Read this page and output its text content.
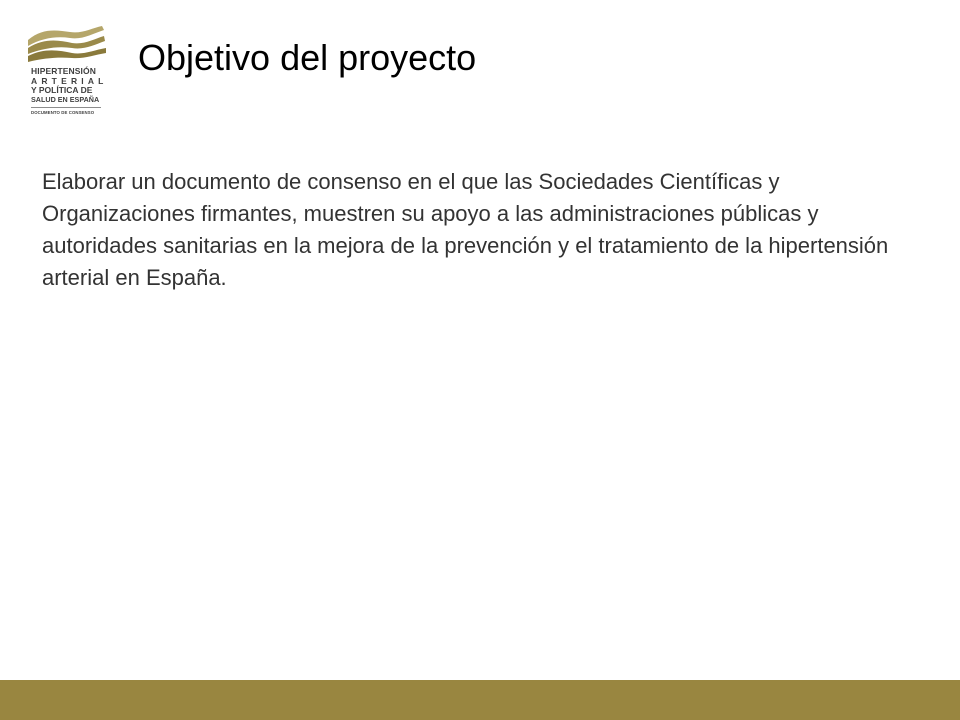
HIPERTENSIÓN
ARTERIAL
Y POLÍTICA DE
SALUD EN ESPAÑA
DOCUMENTO DE CONSENSO
Objetivo del proyecto

Elaborar un documento de consenso en el que las Sociedades Científicas y Organizaciones firmantes, muestren su apoyo a las administraciones públicas y autoridades sanitarias en la mejora de la prevención y el tratamiento de la hipertensión arterial en España.
